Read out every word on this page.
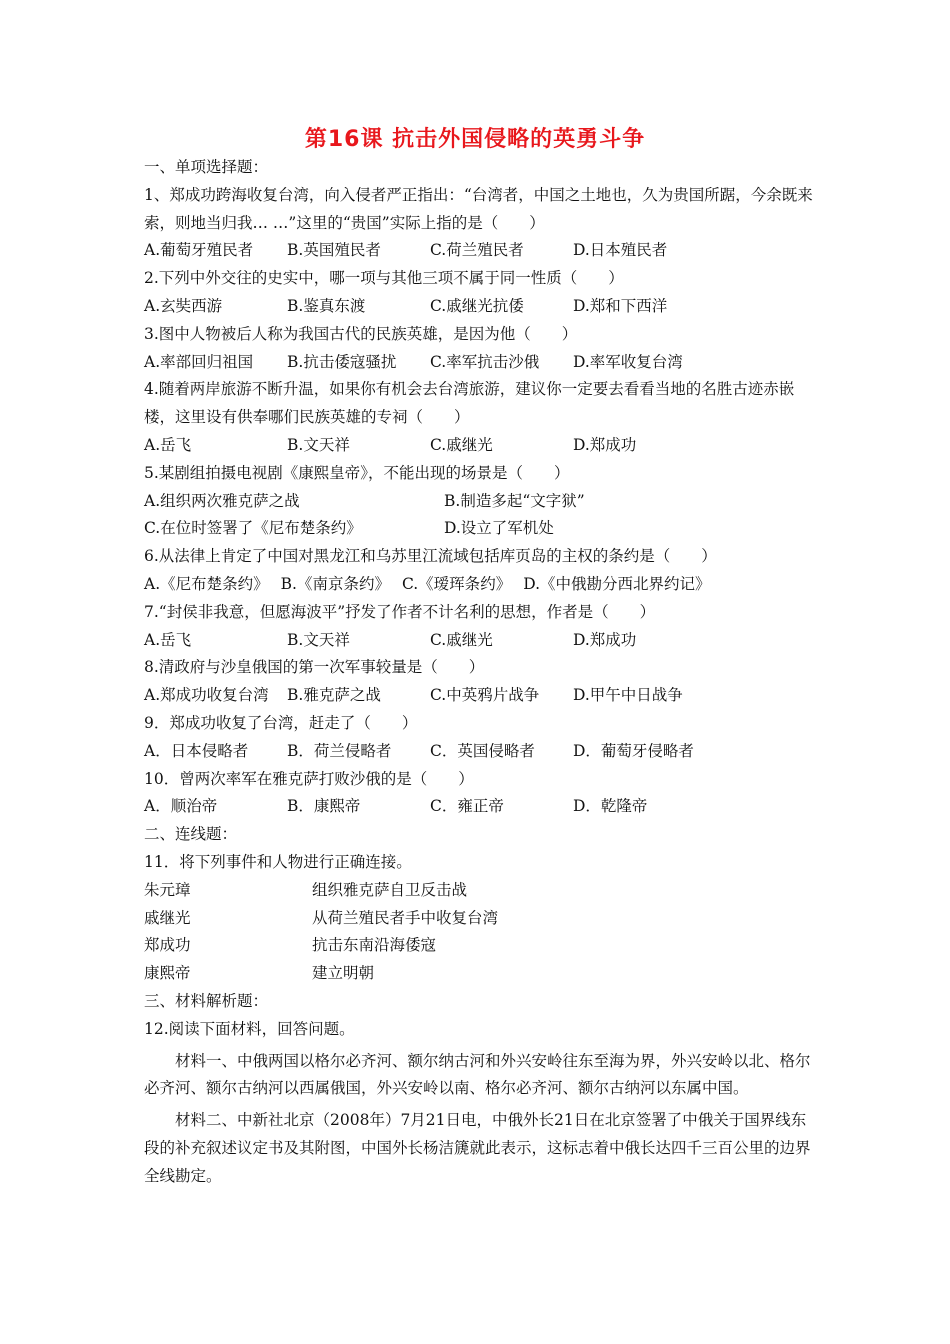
第16课 抗击外国侵略的英勇斗争
一、单项选择题：
1、郑成功跨海收复台湾，向入侵者严正指出：“台湾者，中国之土地也，久为贵国所踞，今余既来索，则地当归我… …”这里的“贵国”实际上指的是（　　）
A.葡萄牙殖民者	B.英国殖民者	C.荷兰殖民者	D.日本殖民者
2.下列中外交往的史实中，哪一项与其他三项不属于同一性质（　　）
A.玄奘西游	B.鉴真东渡	C.戚继光抗倭	D.郑和下西洋
3.图中人物被后人称为我国古代的民族英雄，是因为他（　　）
A.率部回归祖国	B.抗击倭寇骚扰	C.率军抗击沙俄	D.率军收复台湾
4.随着两岸旅游不断升温，如果你有机会去台湾旅游，建议你一定要去看看当地的名胜古迹赤嵌楼，这里设有供奉哪们民族英雄的专祠（　　）
A.岳飞	B.文天祥	C.戚继光	D.郑成功
5.某剧组拍摄电视剧《康熙皇帝》，不能出现的场景是（　　）
A.组织两次雅克萨之战	B.制造多起“文字狱”
C.在位时签署了《尼布楚条约》	D.设立了军机处
6.从法律上肯定了中国对黑龙江和乌苏里江流域包括库页岛的主权的条约是（　　）
A.《尼布楚条约》 B.《南京条约》 C.《瑷珲条约》 D.《中俄勘分西北界约记》
7.“封侯非我意，但愿海波平”抒发了作者不计名利的思想，作者是（　　）
A.岳飞	B.文天祥	C.戚继光	D.郑成功
8.清政府与沙皇俄国的第一次军事较量是（　　）
A.郑成功收复台湾	B.雅克萨之战	C.中英鸦片战争	D.甲午中日战争
9．郑成功收复了台湾，赶走了（　　）
A．日本侵略者	B．荷兰侵略者	C．英国侵略者	D．葡萄牙侵略者
10．曾两次率军在雅克萨打败沙俄的是（　　）
A．顺治帝	B．康熙帝	C．雍正帝	D．乾隆帝
二、连线题：
11．将下列事件和人物进行正确连接。
朱元璋	组织雅克萨自卫反击战
戚继光	从荷兰殖民者手中收复台湾
郑成功	抗击东南沿海倭寇
康熙帝	建立明朝
三、材料解析题：
12.阅读下面材料，回答问题。
材料一、中俄两国以格尔必齐河、额尔纳古河和外兴安岭往东至海为界，外兴安岭以北、格尔必齐河、额尔古纳河以西属俄国，外兴安岭以南、格尔必齐河、额尔古纳河以东属中国。
材料二、中新社北京（2008年）7月21日电，中俄外长21日在北京签署了中俄关于国界线东段的补充叙述议定书及其附图，中国外长杨洁篪就此表示，这标志着中俄长达四千三百公里的边界全线勘定。
